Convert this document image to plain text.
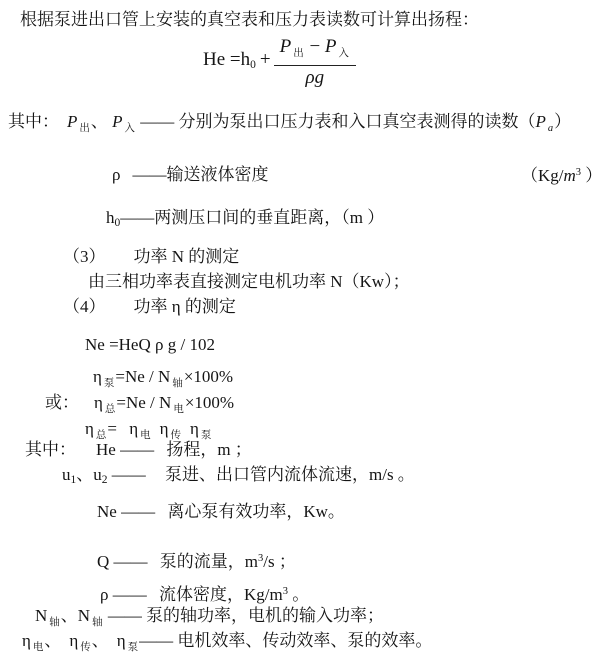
根据泵进出口管上安装的真空表和压力表读数可计算出扬程：
$He =h_0 + \frac{P _出 - P _入}{\rho g}$
其中： P $_出$、 P $_入$ —— 分别为泵出口压力表和入口真空表测得的读数（P $_a$）
ρ ——输送液体密度	（$Kg/m^3$ ）
$h_0——$两测压口间的垂直距离，（m ）
（3） 功率 N 的测定
由三相功率表直接测定电机功率 N（Kw）；
（4） 功率 η 的测定
Ne =HeQ ρ g / 102
η $_泵$=Ne / N $_轴$×100%
或： η $_总$=Ne / N $_电$×100%
η $_总$= η $_电$ η $_传$ η $_泵$
其中： He —— 扬程，m ；
$u_1$、$u_2$ —— 泵进、出口管内流体流速，m/s 。
Ne —— 离心泵有效功率，Kw。
Q —— 泵的流量，$m^3/s$ ；
ρ —— 流体密度，$Kg/m^3$ 。
N $_轴$、N $_轴$ —— 泵的轴功率，电机的输入功率；
η $_电$、 η $_传$、 η $_泵$—— 电机效率、传动效率、泵的效率。
